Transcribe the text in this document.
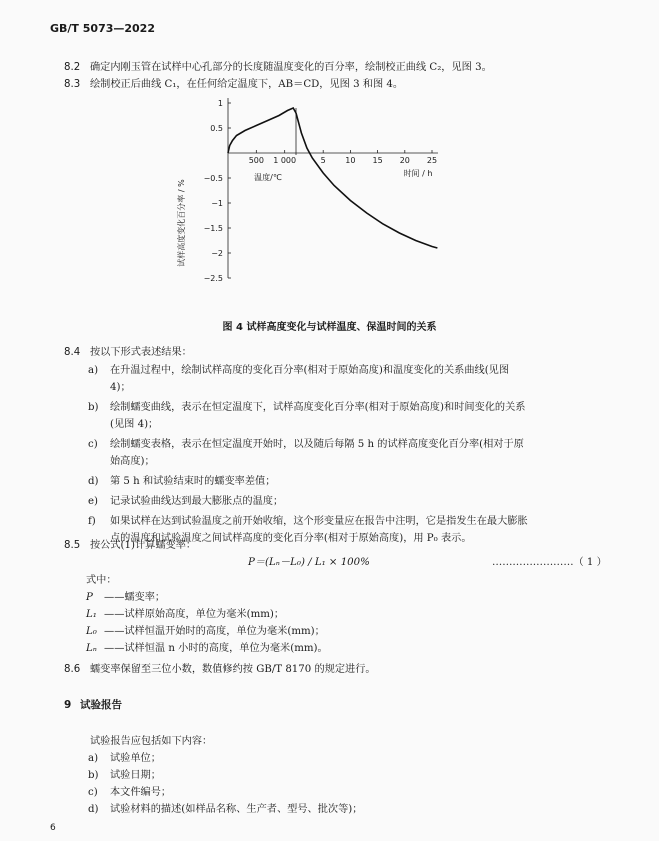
GB/T 5073—2022
8.2 确定内刚玉管在试样中心孔部分的长度随温度变化的百分率，绘制校正曲线 C₂，见图 3。
8.3 绘制校正后曲线 C₁，在任何给定温度下，AB＝CD，见图 3 和图 4。
试样高度变化百分率 / %
1
0.5
−0.5
−1
−1.5
−2
−2.5
500 1 000	5 10 15 20 25
温度/℃	时间 / h
图 4 试样高度变化与试样温度、保温时间的关系
8.4 按以下形式表述结果：
a) 在升温过程中，绘制试样高度的变化百分率(相对于原始高度)和温度变化的关系曲线(见图
4)；
b) 绘制蠕变曲线，表示在恒定温度下，试样高度变化百分率(相对于原始高度)和时间变化的关系
(见图 4)；
c) 绘制蠕变表格，表示在恒定温度开始时，以及随后每隔 5 h 的试样高度变化百分率(相对于原
始高度)；
d) 第 5 h 和试验结束时的蠕变率差值；
e) 记录试验曲线达到最大膨胀点的温度；
f) 如果试样在达到试验温度之前开始收缩，这个形变量应在报告中注明，它是指发生在最大膨胀
点的温度和试验温度之间试样高度的变化百分率(相对于原始高度)，用 P₀ 表示。
8.5 按公式(1)计算蠕变率：
P＝(Lₙ－L₀) / L₁ × 100%	……………………（ 1 ）
式中：
P ——蠕变率；
L₁ ——试样原始高度，单位为毫米(mm)；
L₀ ——试样恒温开始时的高度，单位为毫米(mm)；
Lₙ ——试样恒温 n 小时的高度，单位为毫米(mm)。
8.6 蠕变率保留至三位小数，数值修约按 GB/T 8170 的规定进行。
9 试验报告
试验报告应包括如下内容：
a) 试验单位；
b) 试验日期；
c) 本文件编号；
d) 试验材料的描述(如样品名称、生产者、型号、批次等)；
6
